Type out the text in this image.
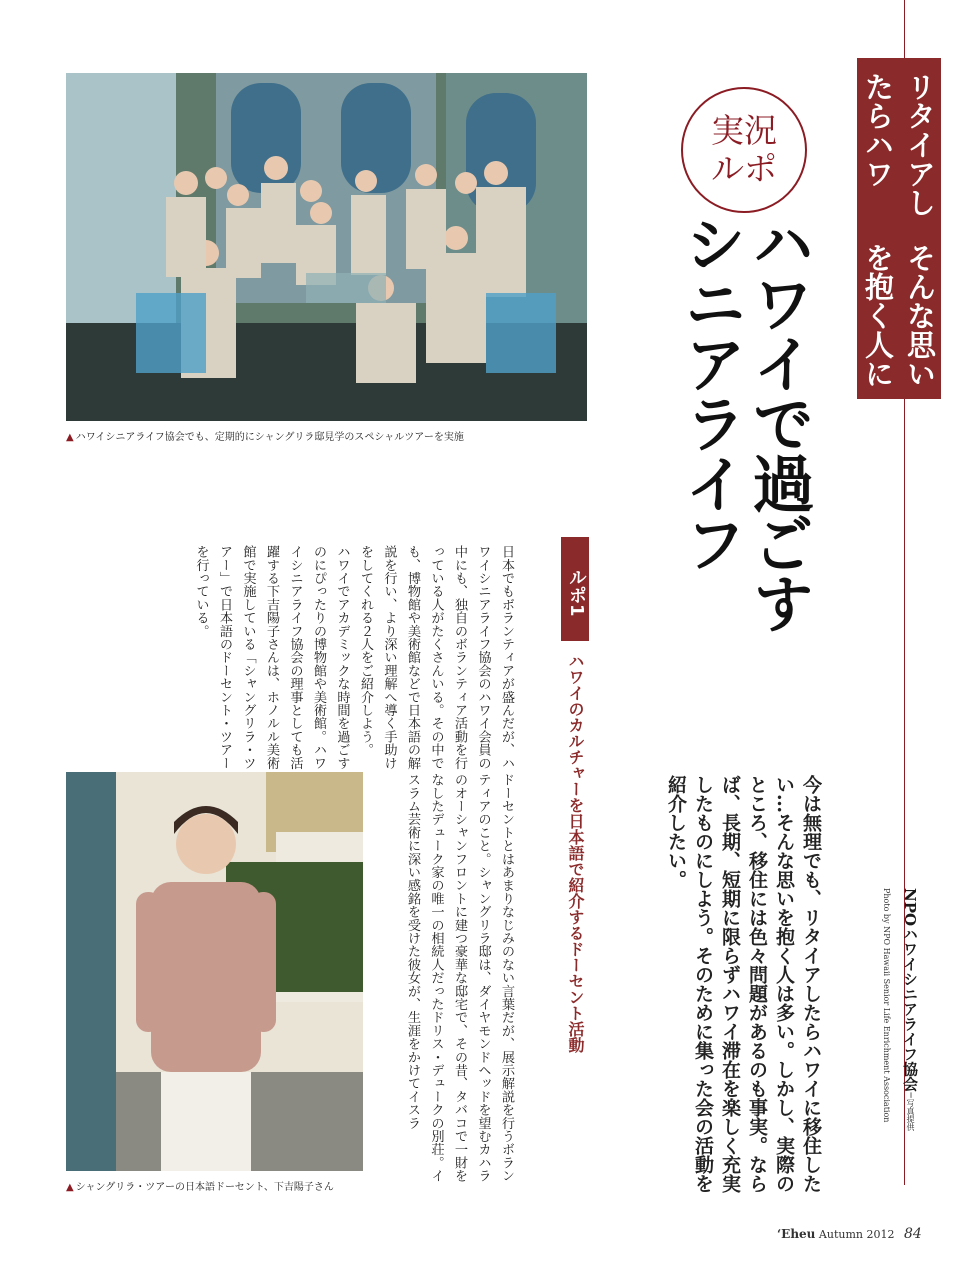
▲ ハワイシニアライフ協会でも、定期的にシャングリラ邸見学のスペシャルツアーを実施
▲ シャングリラ・ツアーの日本語ドーセント、下吉陽子さん
リタイアしたらハワイ…
そんな思いを抱く人に
実況
ルポ
ハワイで過ごす
シニアライフ
今は無理でも、リタイアしたらハワイに移住したい…そんな思いを抱く人は多い。しかし、実際のところ、移住には色々問題があるのも事実。ならば、長期、短期に限らずハワイ滞在を楽しく充実したものにしよう。そのために集った会の活動を紹介したい。
NPOハワイシニアライフ協会＝写真提供
Photo by NPO Hawaii Senior Life Enrichment Association
ルポ1
ハワイのカルチャーを日本語で紹介するドーセント活動
日本でもボランティアが盛んだが、ハワイシニアライフ協会のハワイ会員の中にも、独自のボランティア活動を行っている人がたくさんいる。その中でも、博物館や美術館などで日本語の解説を行い、より深い理解へ導く手助けをしてくれる２人をご紹介しよう。
ハワイでアカデミックな時間を過ごすのにぴったりの博物館や美術館。ハワイシニアライフ協会の理事としても活躍する下吉陽子さんは、ホノルル美術館で実施している「シャングリラ・ツアー」で日本語のドーセント・ツアーを行っている。
ドーセントとはあまりなじみのない言葉だが、展示解説を行うボランティアのこと。シャングリラ邸は、ダイヤモンドヘッドを望むカハラのオーシャンフロントに建つ豪華な邸宅で、その昔、タバコで一財をなしたデューク家の唯一の相続人だったドリス・デュークの別荘。イスラム芸術に深い感銘を受けた彼女が、生涯をかけてイスラ
‘Eheu Autumn 2012 84
